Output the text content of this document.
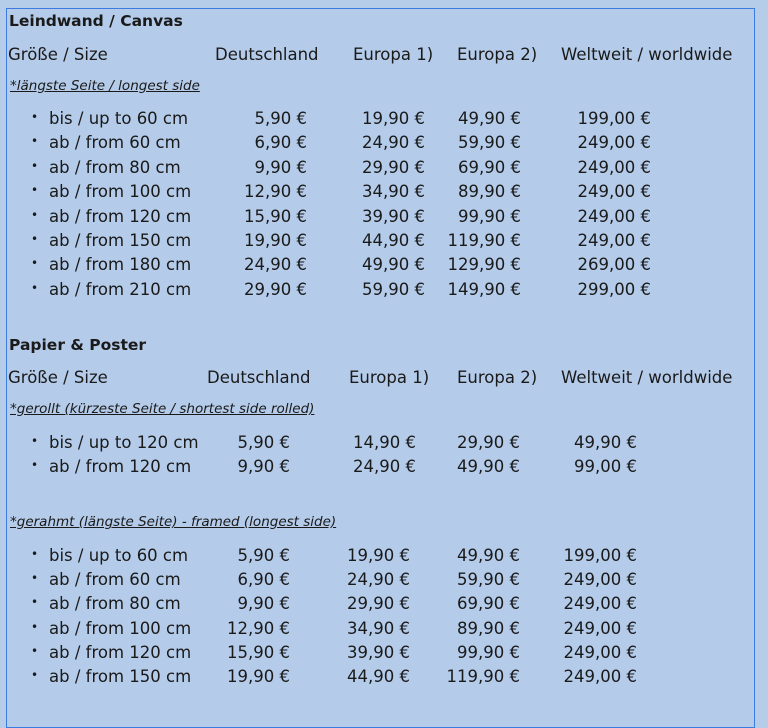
Leindwand / Canvas
Größe / Size	Deutschland Europa 1) Europa 2) Weltweit / worldwide
*längste Seite / longest side
• bis / up to 60 cm	5,90 €	19,90 € 49,90 €	199,00 €
• ab / from 60 cm	6,90 €	24,90 € 59,90 €	249,00 €
• ab / from 80 cm	9,90 €	29,90 € 69,90 €	249,00 €
• ab / from 100 cm	12,90 €	34,90 € 89,90 €	249,00 €
• ab / from 120 cm	15,90 €	39,90 € 99,90 €	249,00 €
• ab / from 150 cm	19,90 €	44,90 € 119,90 €	249,00 €
• ab / from 180 cm	24,90 €	49,90 € 129,90 €	269,00 €
• ab / from 210 cm	29,90 €	59,90 € 149,90 €	299,00 €
Papier & Poster
Größe / Size	Deutschland Europa 1) Europa 2) Weltweit / worldwide
*gerollt (kürzeste Seite / shortest side rolled)
• bis / up to 120 cm 5,90 €	14,90 € 29,90 €	49,90 €
• ab / from 120 cm	9,90 €	24,90 € 49,90 €	99,00 €
*gerahmt (längste Seite) - framed (longest side)
• bis / up to 60 cm	5,90 €	19,90 €	49,90 €	199,00 €
• ab / from 60 cm	6,90 €	24,90 €	59,90 €	249,00 €
• ab / from 80 cm	9,90 €	29,90 €	69,90 €	249,00 €
• ab / from 100 cm 12,90 €	34,90 €	89,90 €	249,00 €
• ab / from 120 cm 15,90 €	39,90 €	99,90 €	249,00 €
• ab / from 150 cm 19,90 €	44,90 € 119,90 €	249,00 €
